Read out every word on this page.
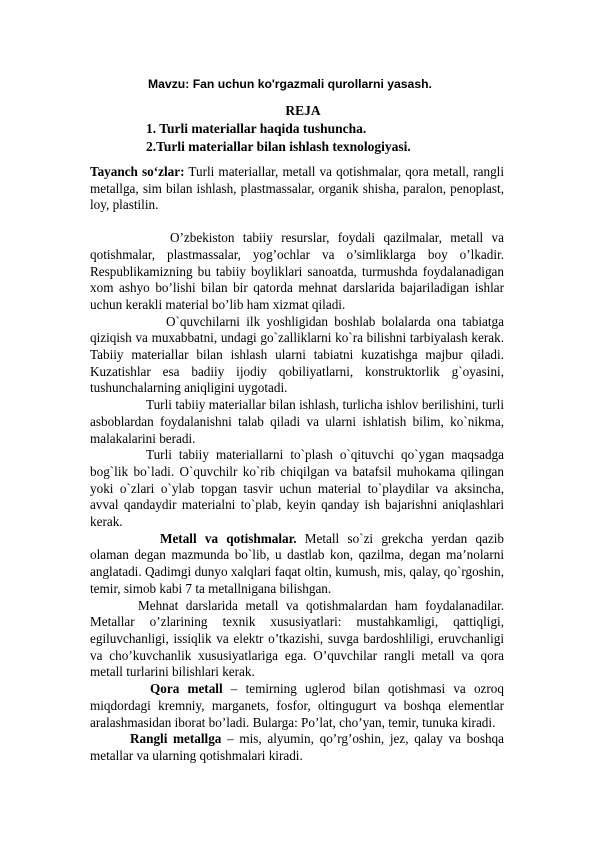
Mavzu: Fan uchun ko'rgazmali qurollarni yasash.
REJA
1. Turli materiallar haqida tushuncha.
2.Turli materiallar bilan ishlash texnologiyasi.

Tayanch so‘zlar: Turli materiallar, metall va qotishmalar, qora metall, rangli metallga, sim bilan ishlash, plastmassalar, organik shisha, paralon, penoplast, loy, plastilin.

O’zbekiston tabiiy resurslar, foydali qazilmalar, metall va qotishmalar, plastmassalar, yog’ochlar va o’simliklarga boy o’lkadir. Respublikamizning bu tabiiy boyliklari sanoatda, turmushda foydalanadigan xom ashyo bo’lishi bilan bir qatorda mehnat darslarida bajariladigan ishlar uchun kerakli material bo’lib ham xizmat qiladi.

O`quvchilarni ilk yoshligidan boshlab bolalarda ona tabiatga qiziqish va muxabbatni, undagi go`zalliklarni ko`ra bilishni tarbiyalash kerak. Tabiiy materiallar bilan ishlash ularni tabiatni kuzatishga majbur qiladi. Kuzatishlar esa badiiy ijodiy qobiliyatlarni, konstruktorlik g`oyasini, tushunchalarning aniqligini uygotadi.

Turli tabiiy materiallar bilan ishlash, turlicha ishlov berilishini, turli asboblardan foydalanishni talab qiladi va ularni ishlatish bilim, ko`nikma, malakalarini beradi.

Turli tabiiy materiallarni to`plash o`qituvchi qo`ygan maqsadga bog`lik bo`ladi. O`quvchilr ko`rib chiqilgan va batafsil muhokama qilingan yoki o`zlari o`ylab topgan tasvir uchun material to`playdilar va aksincha, avval qandaydir materialni to`plab, keyin qanday ish bajarishni aniqlashlari kerak.

Metall va qotishmalar. Metall so`zi grekcha yerdan qazib olaman degan mazmunda bo`lib, u dastlab kon, qazilma, degan ma’nolarni anglatadi. Qadimgi dunyo xalqlari faqat oltin, kumush, mis, qalay, qo`rgoshin, temir, simob kabi 7 ta metallnigana bilishgan.

Mehnat darslarida metall va qotishmalardan ham foydalanadilar. Metallar o’zlarining texnik xususiyatlari: mustahkamligi, qattiqligi, egiluvchanligi, issiqlik va elektr o’tkazishi, suvga bardoshliligi, eruvchanligi va cho’kuvchanlik xususiyatlariga ega. O’quvchilar rangli metall va qora metall turlarini bilishlari kerak.

Qora metall – temirning uglerod bilan qotishmasi va ozroq miqdordagi kremniy, marganets, fosfor, oltingugurt va boshqa elementlar aralashmasidan iborat bo’ladi. Bularga: Po’lat, cho’yan, temir, tunuka kiradi.

Rangli metallga – mis, alyumin, qo’rg’oshin, jez, qalay va boshqa metallar va ularning qotishmalari kiradi.
